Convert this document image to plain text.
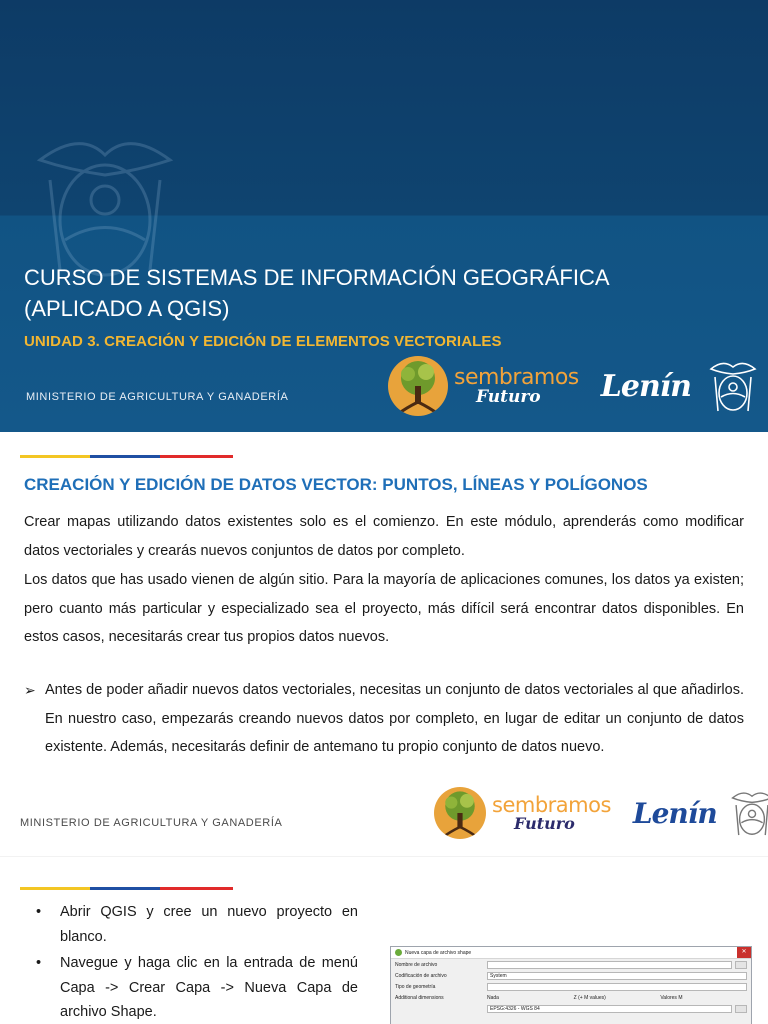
CURSO DE SISTEMAS DE INFORMACIÓN GEOGRÁFICA
(APLICADO A QGIS)
UNIDAD 3. CREACIÓN Y EDICIÓN DE ELEMENTOS VECTORIALES
MINISTERIO DE AGRICULTURA Y GANADERÍA
sembramos
Futuro	Lenín
CREACIÓN Y EDICIÓN DE DATOS VECTOR: PUNTOS, LÍNEAS Y POLÍGONOS
Crear mapas utilizando datos existentes solo es el comienzo. En este módulo, aprenderás como modificar datos vectoriales y crearás nuevos conjuntos de datos por completo.
Los datos que has usado vienen de algún sitio. Para la mayoría de aplicaciones comunes, los datos ya existen; pero cuanto más particular y especializado sea el proyecto, más difícil será encontrar datos disponibles. En estos casos, necesitarás crear tus propios datos nuevos.
➢ Antes de poder añadir nuevos datos vectoriales, necesitas un conjunto de datos vectoriales al que añadirlos. En nuestro caso, empezarás creando nuevos datos por completo, en lugar de editar un conjunto de datos existente. Además, necesitarás definir de antemano tu propio conjunto de datos nuevo.
MINISTERIO DE AGRICULTURA Y GANADERÍA
sembramos
Futuro	Lenín
• Abrir QGIS y cree un nuevo proyecto en blanco.
• Navegue y haga clic en la entrada de menú Capa -> Crear Capa -> Nueva Capa de archivo Shape.
Nueva capa de archivo shape	✕
Nombre de archivo
Codificación de archivo	System
Tipo de geometría
Additional dimensions	Nada	Z (+ M values)	Valores M
EPSG:4326 - WGS 84
